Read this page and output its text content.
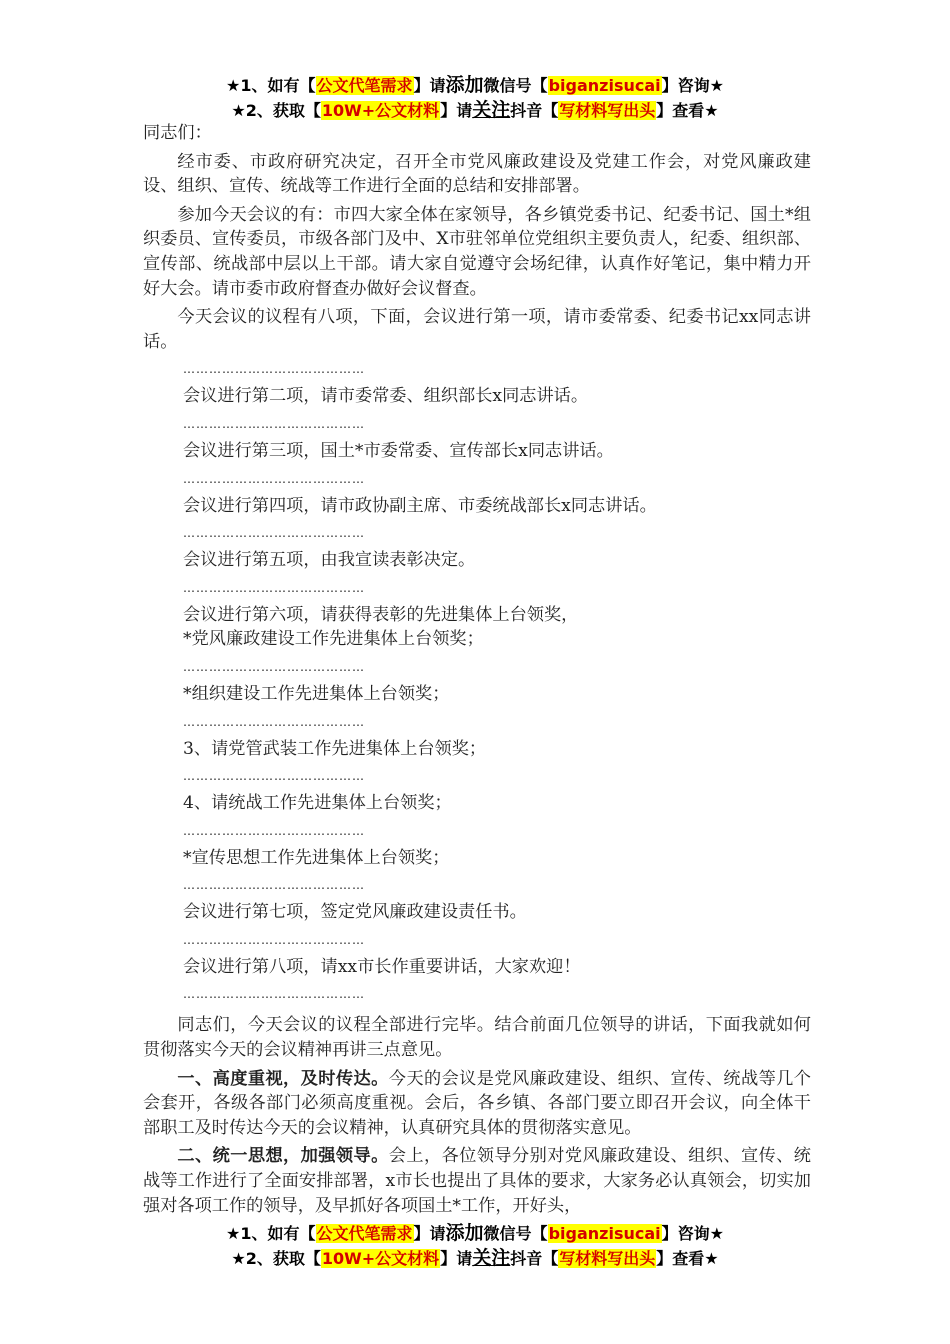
★1、如有【公文代笔需求】请添加微信号【biganzisucai】咨询★
★2、获取【10W+公文材料】请关注抖音【写材料写出头】查看★

同志们：

经市委、市政府研究决定，召开全市党风廉政建设及党建工作会，对党风廉政建设、组织、宣传、统战等工作进行全面的总结和安排部署。

参加今天会议的有：市四大家全体在家领导，各乡镇党委书记、纪委书记、国土*组织委员、宣传委员，市级各部门及中、X市驻邻单位党组织主要负责人，纪委、组织部、宣传部、统战部中层以上干部。请大家自觉遵守会场纪律，认真作好笔记，集中精力开好大会。请市委市政府督查办做好会议督查。

今天会议的议程有八项，下面，会议进行第一项，请市委常委、纪委书记xx同志讲话。

……………………………………

会议进行第二项，请市委常委、组织部长x同志讲话。

……………………………………

会议进行第三项，国土*市委常委、宣传部长x同志讲话。

……………………………………

会议进行第四项，请市政协副主席、市委统战部长x同志讲话。

……………………………………

会议进行第五项，由我宣读表彰决定。

……………………………………

会议进行第六项，请获得表彰的先进集体上台领奖，

*党风廉政建设工作先进集体上台领奖；

……………………………………

*组织建设工作先进集体上台领奖；

……………………………………

3、请党管武装工作先进集体上台领奖；

……………………………………

4、请统战工作先进集体上台领奖；

……………………………………

*宣传思想工作先进集体上台领奖；

……………………………………

会议进行第七项，签定党风廉政建设责任书。

……………………………………

会议进行第八项，请xx市长作重要讲话，大家欢迎！

……………………………………

同志们，今天会议的议程全部进行完毕。结合前面几位领导的讲话，下面我就如何贯彻落实今天的会议精神再讲三点意见。

一、高度重视，及时传达。今天的会议是党风廉政建设、组织、宣传、统战等几个会套开，各级各部门必须高度重视。会后，各乡镇、各部门要立即召开会议，向全体干部职工及时传达今天的会议精神，认真研究具体的贯彻落实意见。

二、统一思想，加强领导。会上，各位领导分别对党风廉政建设、组织、宣传、统战等工作进行了全面安排部署，x市长也提出了具体的要求，大家务必认真领会，切实加强对各项工作的领导，及早抓好各项国土*工作，开好头，

★1、如有【公文代笔需求】请添加微信号【biganzisucai】咨询★
★2、获取【10W+公文材料】请关注抖音【写材料写出头】查看★
